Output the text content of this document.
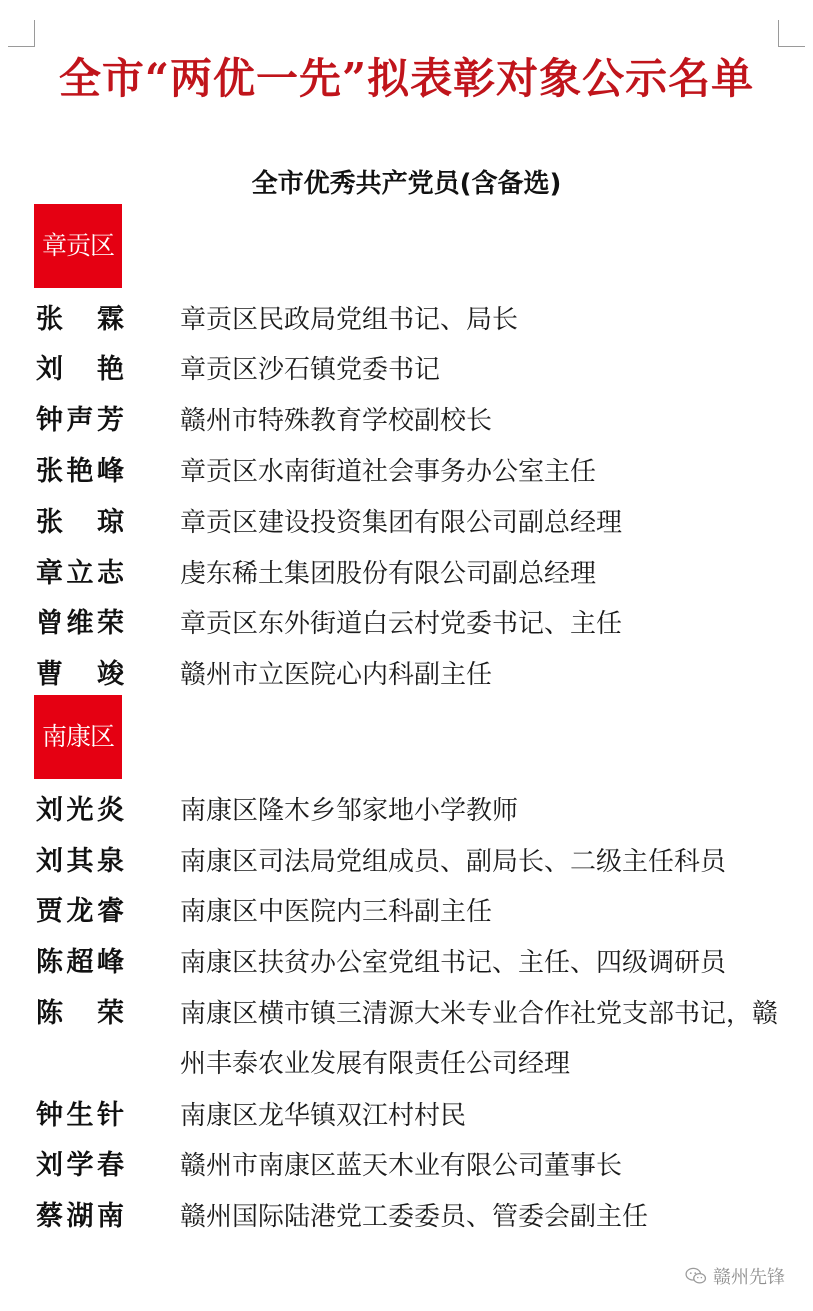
全市“两优一先”拟表彰对象公示名单
全市优秀共产党员(含备选)
章贡区
张　霖 章贡区民政局党组书记、局长
刘　艳 章贡区沙石镇党委书记
钟声芳 赣州市特殊教育学校副校长
张艳峰 章贡区水南街道社会事务办公室主任
张　琼 章贡区建设投资集团有限公司副总经理
章立志 虔东稀土集团股份有限公司副总经理
曾维荣 章贡区东外街道白云村党委书记、主任
曹　竣 赣州市立医院心内科副主任
南康区
刘光炎 南康区隆木乡邹家地小学教师
刘其泉 南康区司法局党组成员、副局长、二级主任科员
贾龙睿 南康区中医院内三科副主任
陈超峰 南康区扶贫办公室党组书记、主任、四级调研员
陈　荣 南康区横市镇三清源大米专业合作社党支部书记，赣州丰泰农业发展有限责任公司经理
钟生针 南康区龙华镇双江村村民
刘学春 赣州市南康区蓝天木业有限公司董事长
蔡湖南 赣州国际陆港党工委委员、管委会副主任
赣州先锋
